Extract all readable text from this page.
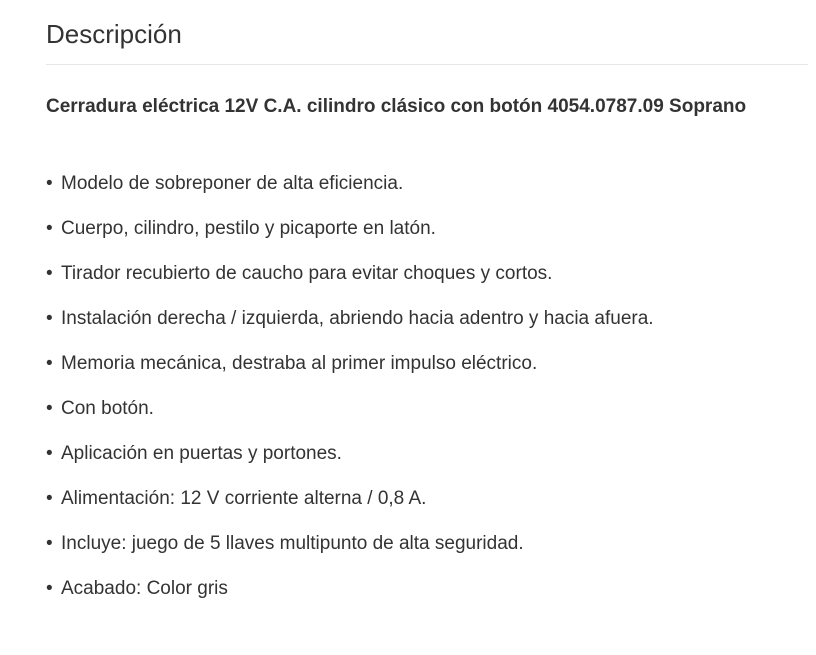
Descripción
Cerradura eléctrica 12V C.A. cilindro clásico con botón 4054.0787.09 Soprano
• Modelo de sobreponer de alta eficiencia.
• Cuerpo, cilindro, pestilo y picaporte en latón.
• Tirador recubierto de caucho para evitar choques y cortos.
• Instalación derecha / izquierda, abriendo hacia adentro y hacia afuera.
• Memoria mecánica, destraba al primer impulso eléctrico.
• Con botón.
• Aplicación en puertas y portones.
• Alimentación: 12 V corriente alterna / 0,8 A.
• Incluye: juego de 5 llaves multipunto de alta seguridad.
• Acabado: Color gris
